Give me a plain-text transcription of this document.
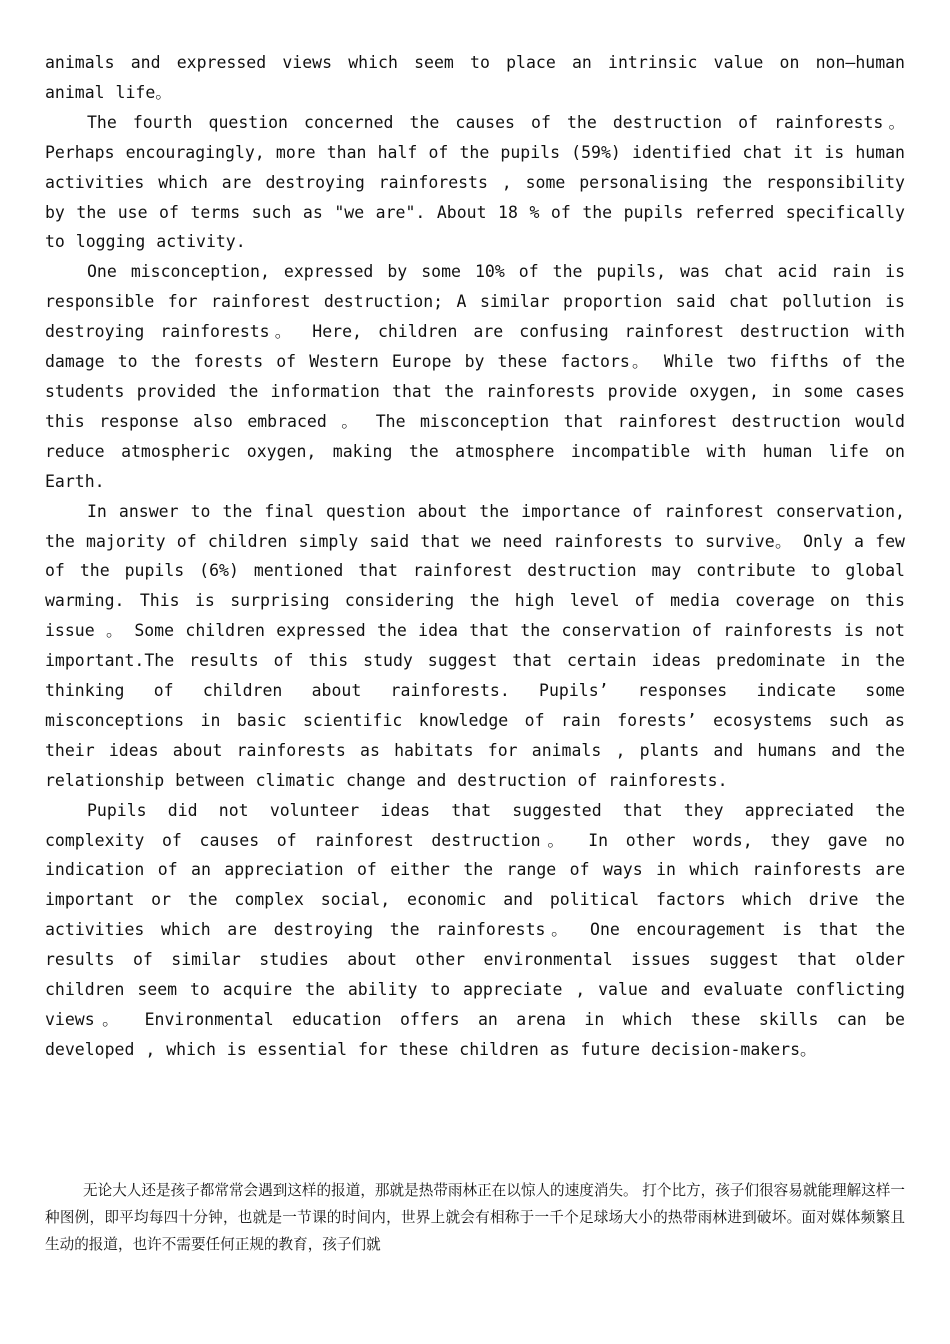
animals and expressed views which seem to place an intrinsic value on non—human animal life。

The fourth question concerned the causes of the destruction of rainforests。 Perhaps encouragingly, more than half of the pupils (59%) identified chat it is human activities which are destroying rainforests , some personalising the responsibility by the use of terms such as "we are". About 18 % of the pupils referred specifically to logging activity.

One misconception, expressed by some 10% of the pupils, was chat acid rain is responsible for rainforest destruction; A similar proportion said chat pollution is destroying rainforests。 Here, children are confusing rainforest destruction with damage to the forests of Western Europe by these factors。 While two fifths of the students provided the information that the rainforests provide oxygen, in some cases this response also embraced 。 The misconception that rainforest destruction would reduce atmospheric oxygen, making the atmosphere incompatible with human life on Earth.

In answer to the final question about the importance of rainforest conservation, the majority of children simply said that we need rainforests to survive。 Only a few of the pupils (6%) mentioned that rainforest destruction may contribute to global warming. This is surprising considering the high level of media coverage on this issue 。 Some children expressed the idea that the conservation of rainforests is not important.The results of this study suggest that certain ideas predominate in the thinking of children about rainforests. Pupils’ responses indicate some misconceptions in basic scientific knowledge of rain forests’ ecosystems such as their ideas about rainforests as habitats for animals , plants and humans and the relationship between climatic change and destruction of rainforests.

Pupils did not volunteer ideas that suggested that they appreciated the complexity of causes of rainforest destruction。 In other words, they gave no indication of an appreciation of either the range of ways in which rainforests are important or the complex social, economic and political factors which drive the activities which are destroying the rainforests。 One encouragement is that the results of similar studies about other environmental issues suggest that older children seem to acquire the ability to appreciate , value and evaluate conflicting views。 Environmental education offers an arena in which these skills can be developed , which is essential for these children as future decision-makers。

无论大人还是孩子都常常会遇到这样的报道，那就是热带雨林正在以惊人的速度消失。 打个比方，孩子们很容易就能理解这样一种图例，即平均每四十分钟，也就是一节课的时间内，世界上就会有相称于一千个足球场大小的热带雨林进到破坏。面对媒体频繁且生动的报道，也许不需要任何正规的教育，孩子们就
